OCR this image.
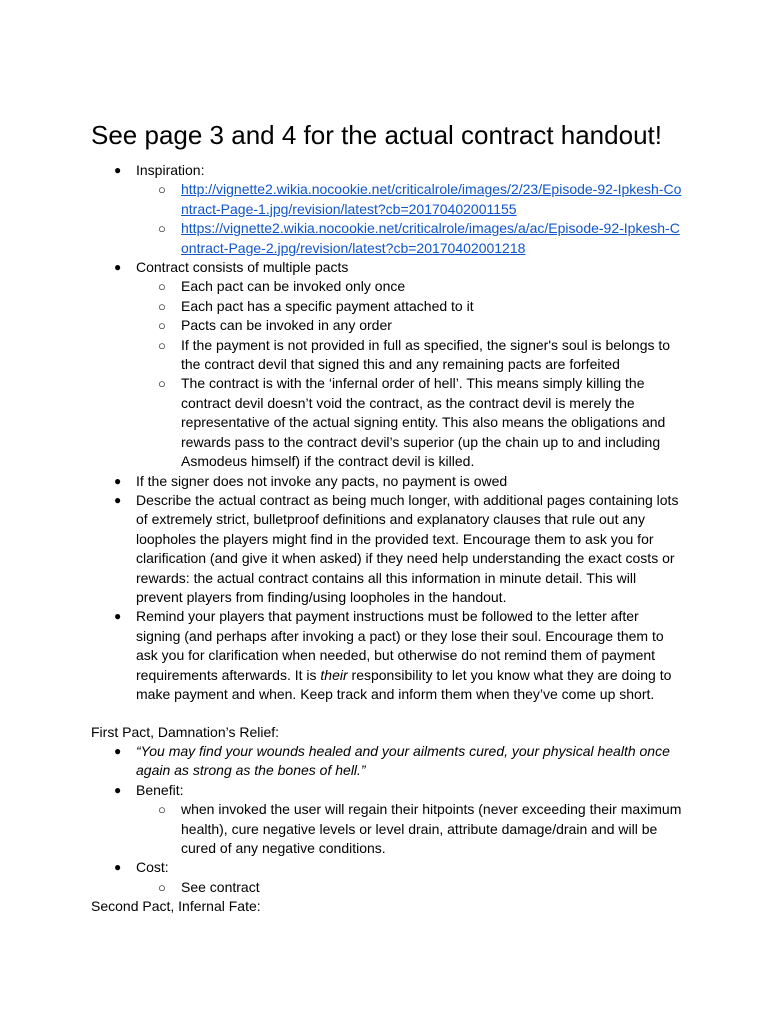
See page 3 and 4 for the actual contract handout!
● Inspiration:
○ http://vignette2.wikia.nocookie.net/criticalrole/images/2/23/Episode-92-Ipkesh-Co
ntract-Page-1.jpg/revision/latest?cb=20170402001155
○ https://vignette2.wikia.nocookie.net/criticalrole/images/a/ac/Episode-92-Ipkesh-C
ontract-Page-2.jpg/revision/latest?cb=20170402001218
● Contract consists of multiple pacts
○ Each pact can be invoked only once
○ Each pact has a specific payment attached to it
○ Pacts can be invoked in any order
○ If the payment is not provided in full as specified, the signer's soul is belongs to
the contract devil that signed this and any remaining pacts are forfeited
○ The contract is with the ‘infernal order of hell’. This means simply killing the
contract devil doesn’t void the contract, as the contract devil is merely the
representative of the actual signing entity. This also means the obligations and
rewards pass to the contract devil’s superior (up the chain up to and including
Asmodeus himself) if the contract devil is killed.
● If the signer does not invoke any pacts, no payment is owed
● Describe the actual contract as being much longer, with additional pages containing lots
of extremely strict, bulletproof definitions and explanatory clauses that rule out any
loopholes the players might find in the provided text. Encourage them to ask you for
clarification (and give it when asked) if they need help understanding the exact costs or
rewards: the actual contract contains all this information in minute detail. This will
prevent players from finding/using loopholes in the handout.
● Remind your players that payment instructions must be followed to the letter after
signing (and perhaps after invoking a pact) or they lose their soul. Encourage them to
ask you for clarification when needed, but otherwise do not remind them of payment
requirements afterwards. It is their responsibility to let you know what they are doing to
make payment and when. Keep track and inform them when they’ve come up short.
First Pact, Damnation’s Relief:
● “You may find your wounds healed and your ailments cured, your physical health once
again as strong as the bones of hell.”
● Benefit:
○ when invoked the user will regain their hitpoints (never exceeding their maximum
health), cure negative levels or level drain, attribute damage/drain and will be
cured of any negative conditions.
● Cost:
○ See contract
Second Pact, Infernal Fate:
